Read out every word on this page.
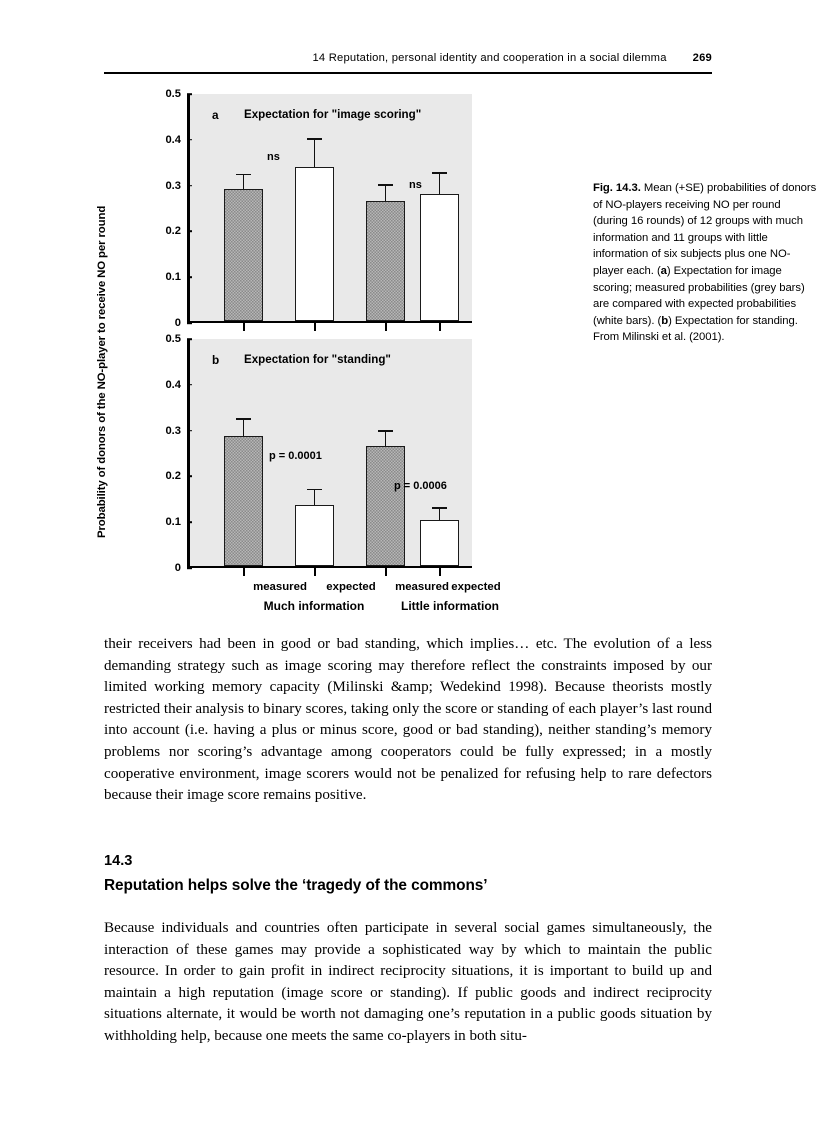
14 Reputation, personal identity and cooperation in a social dilemma 269
Probability of donors of the NO-player to receive NO per round	0
0.1
0.2
0.3
0.4
0.5
a Expectation for "image scoring"
ns
ns
0
0.1
0.2
0.3
0.4
0.5
b Expectation for "standing"
p = 0.0001
p = 0.0006
measured expected measured expected
Much information	Little information
Fig. 14.3. Mean (+SE) probabilities of donors of NO-players receiving NO per round (during 16 rounds) of 12 groups with much information and 11 groups with little information of six subjects plus one NO-player each. (a) Expectation for image scoring; measured probabilities (grey bars) are compared with expected probabilities (white bars). (b) Expectation for standing. From Milinski et al. (2001).
their receivers had been in good or bad standing, which implies… etc. The evolution of a less demanding strategy such as image scoring may therefore reflect the constraints imposed by our limited working memory capacity (Milinski &amp; Wedekind 1998). Because theorists mostly restricted their analysis to binary scores, taking only the score or standing of each player’s last round into account (i.e. having a plus or minus score, good or bad standing), neither standing’s memory problems nor scoring’s advantage among cooperators could be fully expressed; in a mostly cooperative environment, image scorers would not be penalized for refusing help to rare defectors because their image score remains positive.
14.3
Reputation helps solve the ‘tragedy of the commons’
Because individuals and countries often participate in several social games simultaneously, the interaction of these games may provide a sophisticated way by which to maintain the public resource. In order to gain profit in indirect reciprocity situations, it is important to build up and maintain a high reputation (image score or standing). If public goods and indirect reciprocity situations alternate, it would be worth not damaging one’s reputation in a public goods situation by withholding help, because one meets the same co-players in both situ-
